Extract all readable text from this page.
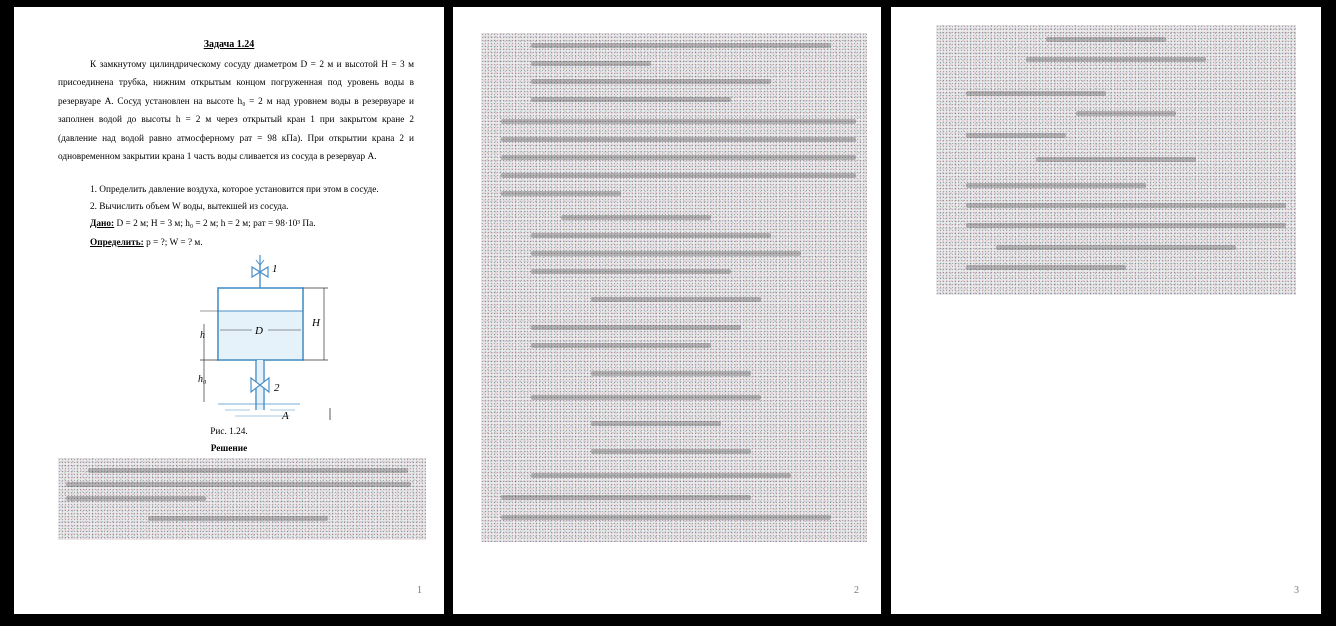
Задача 1.24
К замкнутому цилиндрическому сосуду диаметром D = 2 м и высотой H = 3 м присоединена трубка, нижним открытым концом погруженная под уровень воды в резервуаре А. Сосуд установлен на высоте h₀ = 2 м над уровнем воды в резервуаре и заполнен водой до высоты h = 2 м через открытый кран 1 при закрытом кране 2 (давление над водой равно атмосферному pат = 98 кПа). При открытии крана 2 и одновременном закрытии крана 1 часть воды сливается из сосуда в резервуар А.
1. Определить давление воздуха, которое установится при этом в сосуде.
2. Вычислить объем W воды, вытекшей из сосуда.
Дано: D = 2 м; H = 3 м; h₀ = 2 м; h = 2 м; pат = 98·10³ Па.
Определить: p = ?; W = ? м.
1
2
h
h₀
H
D
A
Рис. 1.24.
Решение
1	2	3
